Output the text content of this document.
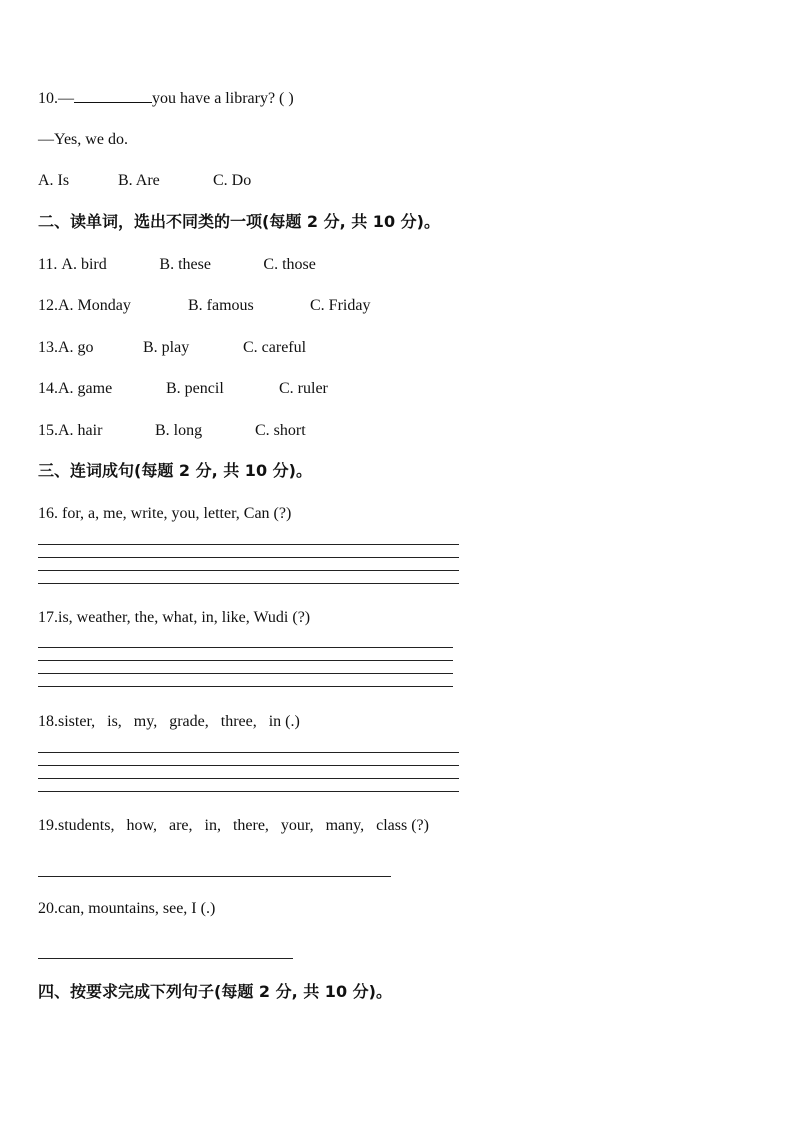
10.—	you have a library? ( )
—Yes, we do.
A. Is	B. Are	C. Do
二、读单词，选出不同类的一项(每题 2 分, 共 10 分)。
11. A. bird	B. these	C. those
12.A. Monday	B. famous	C. Friday
13.A. go	B. play	C. careful
14.A. game	B. pencil	C. ruler
15.A. hair	B. long	C. short
三、连词成句(每题 2 分, 共 10 分)。
16. for, a, me, write, you, letter, Can (?)
17.is, weather, the, what, in, like, Wudi (?)
18.sister,   is,   my,   grade,   three,   in (.)
19.students,   how,   are,   in,   there,   your,   many,   class (?)
20.can, mountains, see, I (.)
四、按要求完成下列句子(每题 2 分, 共 10 分)。
